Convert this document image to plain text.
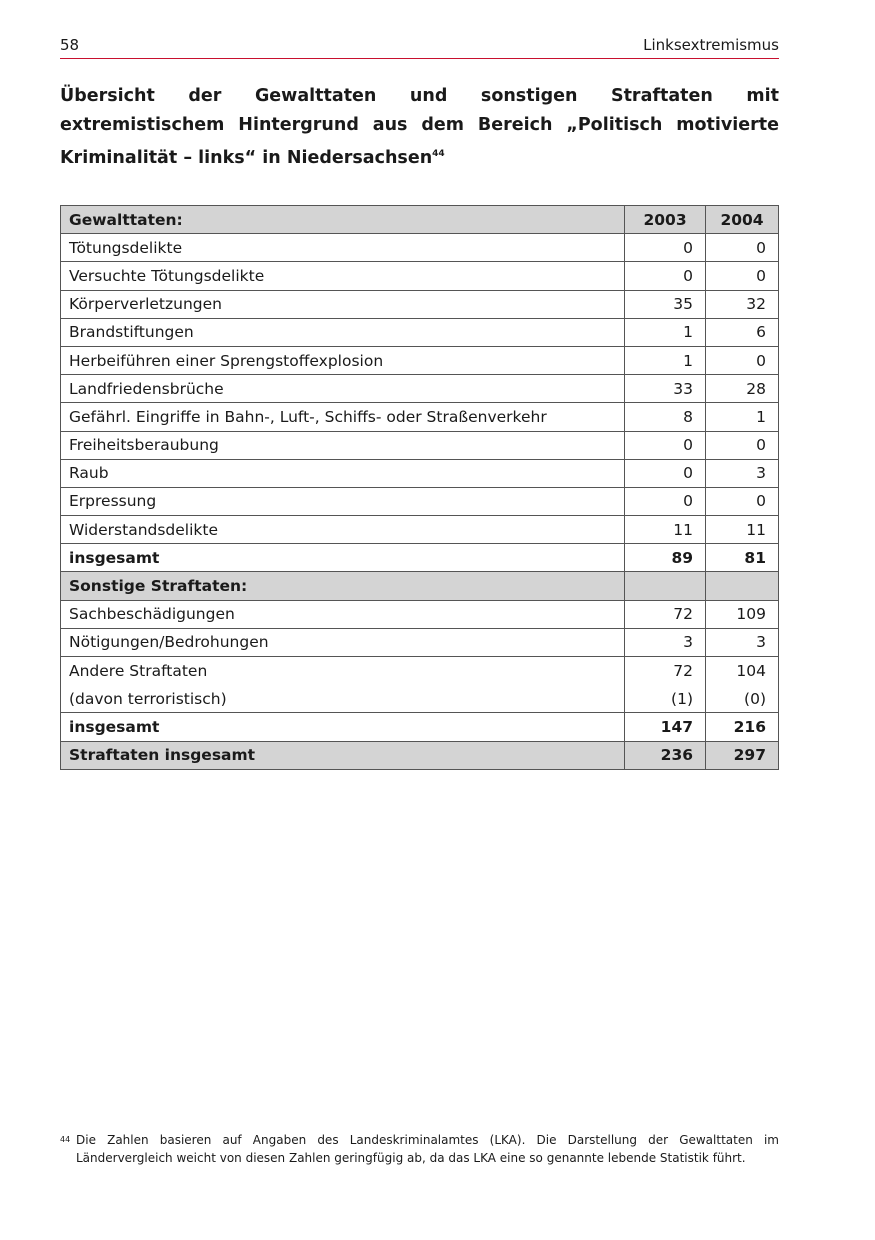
58	Linksextremismus
Übersicht der Gewalttaten und sonstigen Straftaten mit extremistischem Hintergrund aus dem Bereich „Politisch motivierte Kriminalität – links“ in Niedersachsen$^{44}$
Gewalttaten:	2003	2004
Tötungsdelikte	0	0
Versuchte Tötungsdelikte	0	0
Körperverletzungen	35	32
Brandstiftungen	1	6
Herbeiführen einer Sprengstoffexplosion	1	0
Landfriedensbrüche	33	28
Gefährl. Eingriffe in Bahn-, Luft-, Schiffs- oder Straßenverkehr	8	1
Freiheitsberaubung	0	0
Raub	0	3
Erpressung	0	0
Widerstandsdelikte	11	11
insgesamt	89	81
Sonstige Straftaten:		
Sachbeschädigungen	72	109
Nötigungen/Bedrohungen	3	3
Andere Straftaten	72	104
(davon terroristisch)	(1)	(0)
insgesamt	147	216
Straftaten insgesamt	236	297
44 Die Zahlen basieren auf Angaben des Landeskriminalamtes (LKA). Die Darstellung der Gewalttaten im Ländervergleich weicht von diesen Zahlen geringfügig ab, da das LKA eine so genannte lebende Statistik führt.
